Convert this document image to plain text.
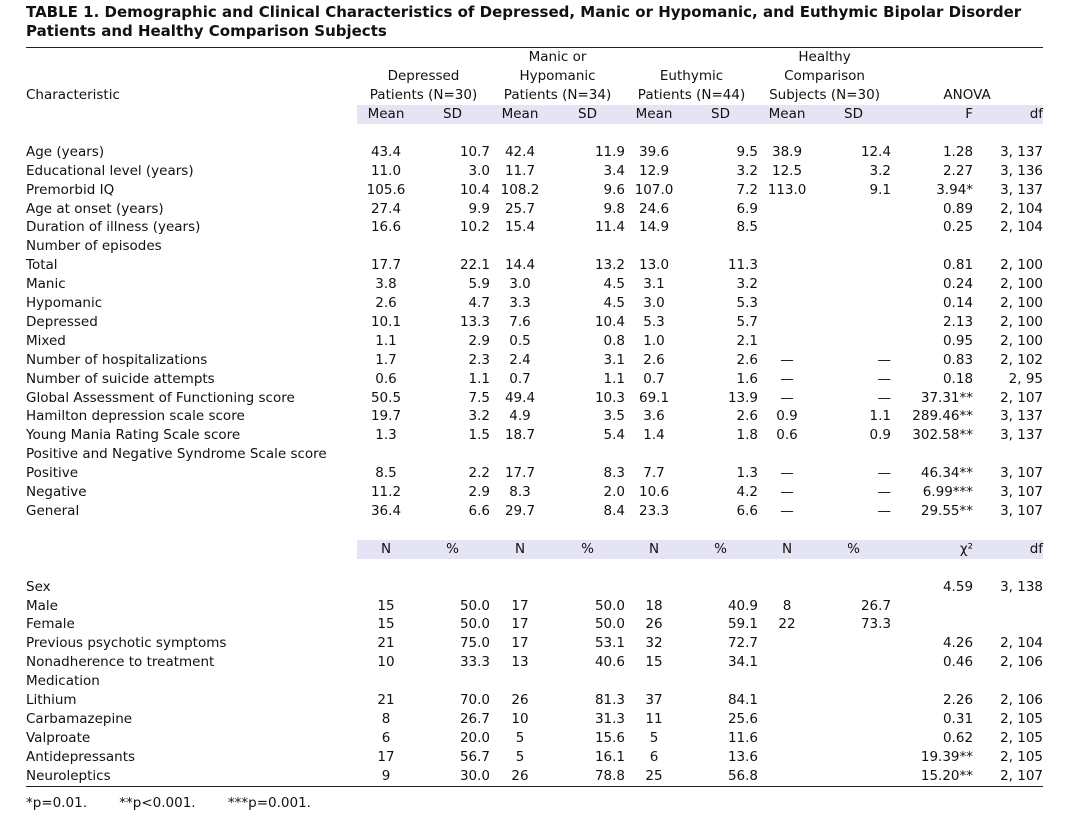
TABLE 1. Demographic and Clinical Characteristics of Depressed, Manic or Hypomanic, and Euthymic Bipolar Disorder Patients and Healthy Comparison Subjects
			Manic or				Healthy			
	Depressed		Hypomanic		Euthymic		Comparison			
Characteristic	Patients (N=30)		Patients (N=34)		Patients (N=44)		Subjects (N=30)		ANOVA	
	Mean	SD	Mean	SD	Mean	SD	Mean	SD	F	df

Age (years)	43.4	10.7	42.4	11.9	39.6	9.5	38.9	12.4	1.28	3, 137
Educational level (years)	11.0	3.0	11.7	3.4	12.9	3.2	12.5	3.2	2.27	3, 136
Premorbid IQ	105.6	10.4	108.2	9.6	107.0	7.2	113.0	9.1	3.94*	3, 137
Age at onset (years)	27.4	9.9	25.7	9.8	24.6	6.9			0.89	2, 104
Duration of illness (years)	16.6	10.2	15.4	11.4	14.9	8.5			0.25	2, 104
Number of episodes										
Total	17.7	22.1	14.4	13.2	13.0	11.3			0.81	2, 100
Manic	3.8	5.9	3.0	4.5	3.1	3.2			0.24	2, 100
Hypomanic	2.6	4.7	3.3	4.5	3.0	5.3			0.14	2, 100
Depressed	10.1	13.3	7.6	10.4	5.3	5.7			2.13	2, 100
Mixed	1.1	2.9	0.5	0.8	1.0	2.1			0.95	2, 100
Number of hospitalizations	1.7	2.3	2.4	3.1	2.6	2.6	—	—	0.83	2, 102
Number of suicide attempts	0.6	1.1	0.7	1.1	0.7	1.6	—	—	0.18	2, 95
Global Assessment of Functioning score	50.5	7.5	49.4	10.3	69.1	13.9	—	—	37.31**	2, 107
Hamilton depression scale score	19.7	3.2	4.9	3.5	3.6	2.6	0.9	1.1	289.46**	3, 137
Young Mania Rating Scale score	1.3	1.5	18.7	5.4	1.4	1.8	0.6	0.9	302.58**	3, 137
Positive and Negative Syndrome Scale score										
Positive	8.5	2.2	17.7	8.3	7.7	1.3	—	—	46.34**	3, 107
Negative	11.2	2.9	8.3	2.0	10.6	4.2	—	—	6.99***	3, 107
General	36.4	6.6	29.7	8.4	23.3	6.6	—	—	29.55**	3, 107

	N	%	N	%	N	%	N	%	χ²	df

Sex									4.59	3, 138
Male	15	50.0	17	50.0	18	40.9	8	26.7		
Female	15	50.0	17	50.0	26	59.1	22	73.3		
Previous psychotic symptoms	21	75.0	17	53.1	32	72.7			4.26	2, 104
Nonadherence to treatment	10	33.3	13	40.6	15	34.1			0.46	2, 106
Medication										
Lithium	21	70.0	26	81.3	37	84.1			2.26	2, 106
Carbamazepine	8	26.7	10	31.3	11	25.6			0.31	2, 105
Valproate	6	20.0	5	15.6	5	11.6			0.62	2, 105
Antidepressants	17	56.7	5	16.1	6	13.6			19.39**	2, 105
Neuroleptics	9	30.0	26	78.8	25	56.8			15.20**	2, 107
*p=0.01. **p<0.001. ***p=0.001.
